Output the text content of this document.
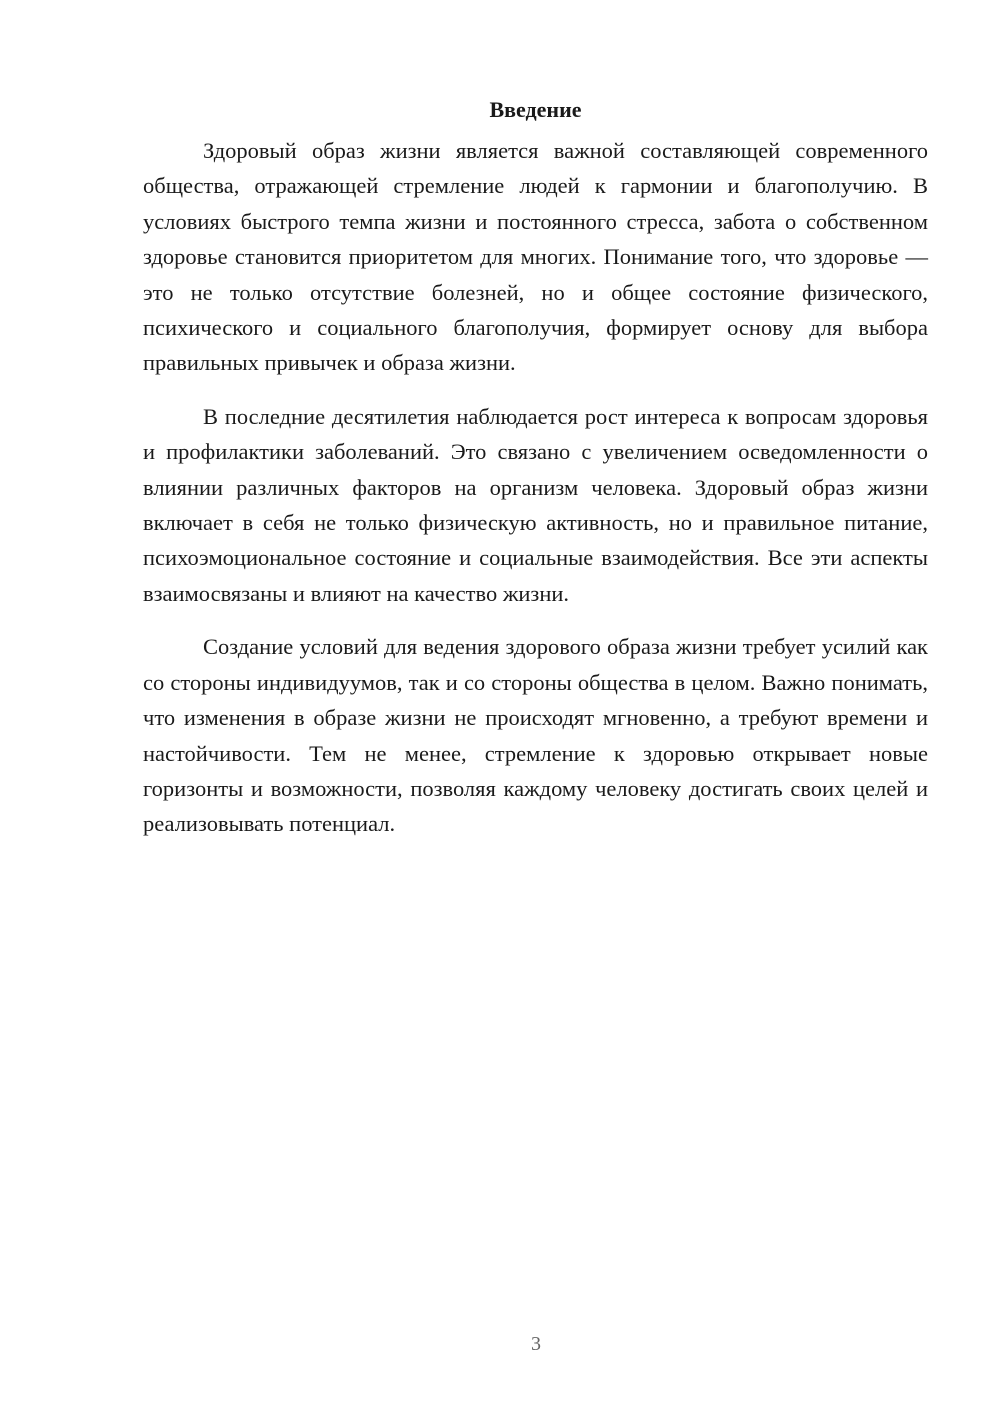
Введение

Здоровый образ жизни является важной составляющей современного общества, отражающей стремление людей к гармонии и благополучию. В условиях быстрого темпа жизни и постоянного стресса, забота о собственном здоровье становится приоритетом для многих. Понимание того, что здоровье — это не только отсутствие болезней, но и общее состояние физического, психического и социального благополучия, формирует основу для выбора правильных привычек и образа жизни.

В последние десятилетия наблюдается рост интереса к вопросам здоровья и профилактики заболеваний. Это связано с увеличением осведомленности о влиянии различных факторов на организм человека. Здоровый образ жизни включает в себя не только физическую активность, но и правильное питание, психоэмоциональное состояние и социальные взаимодействия. Все эти аспекты взаимосвязаны и влияют на качество жизни.

Создание условий для ведения здорового образа жизни требует усилий как со стороны индивидуумов, так и со стороны общества в целом. Важно понимать, что изменения в образе жизни не происходят мгновенно, а требуют времени и настойчивости. Тем не менее, стремление к здоровью открывает новые горизонты и возможности, позволяя каждому человеку достигать своих целей и реализовывать потенциал.

3
